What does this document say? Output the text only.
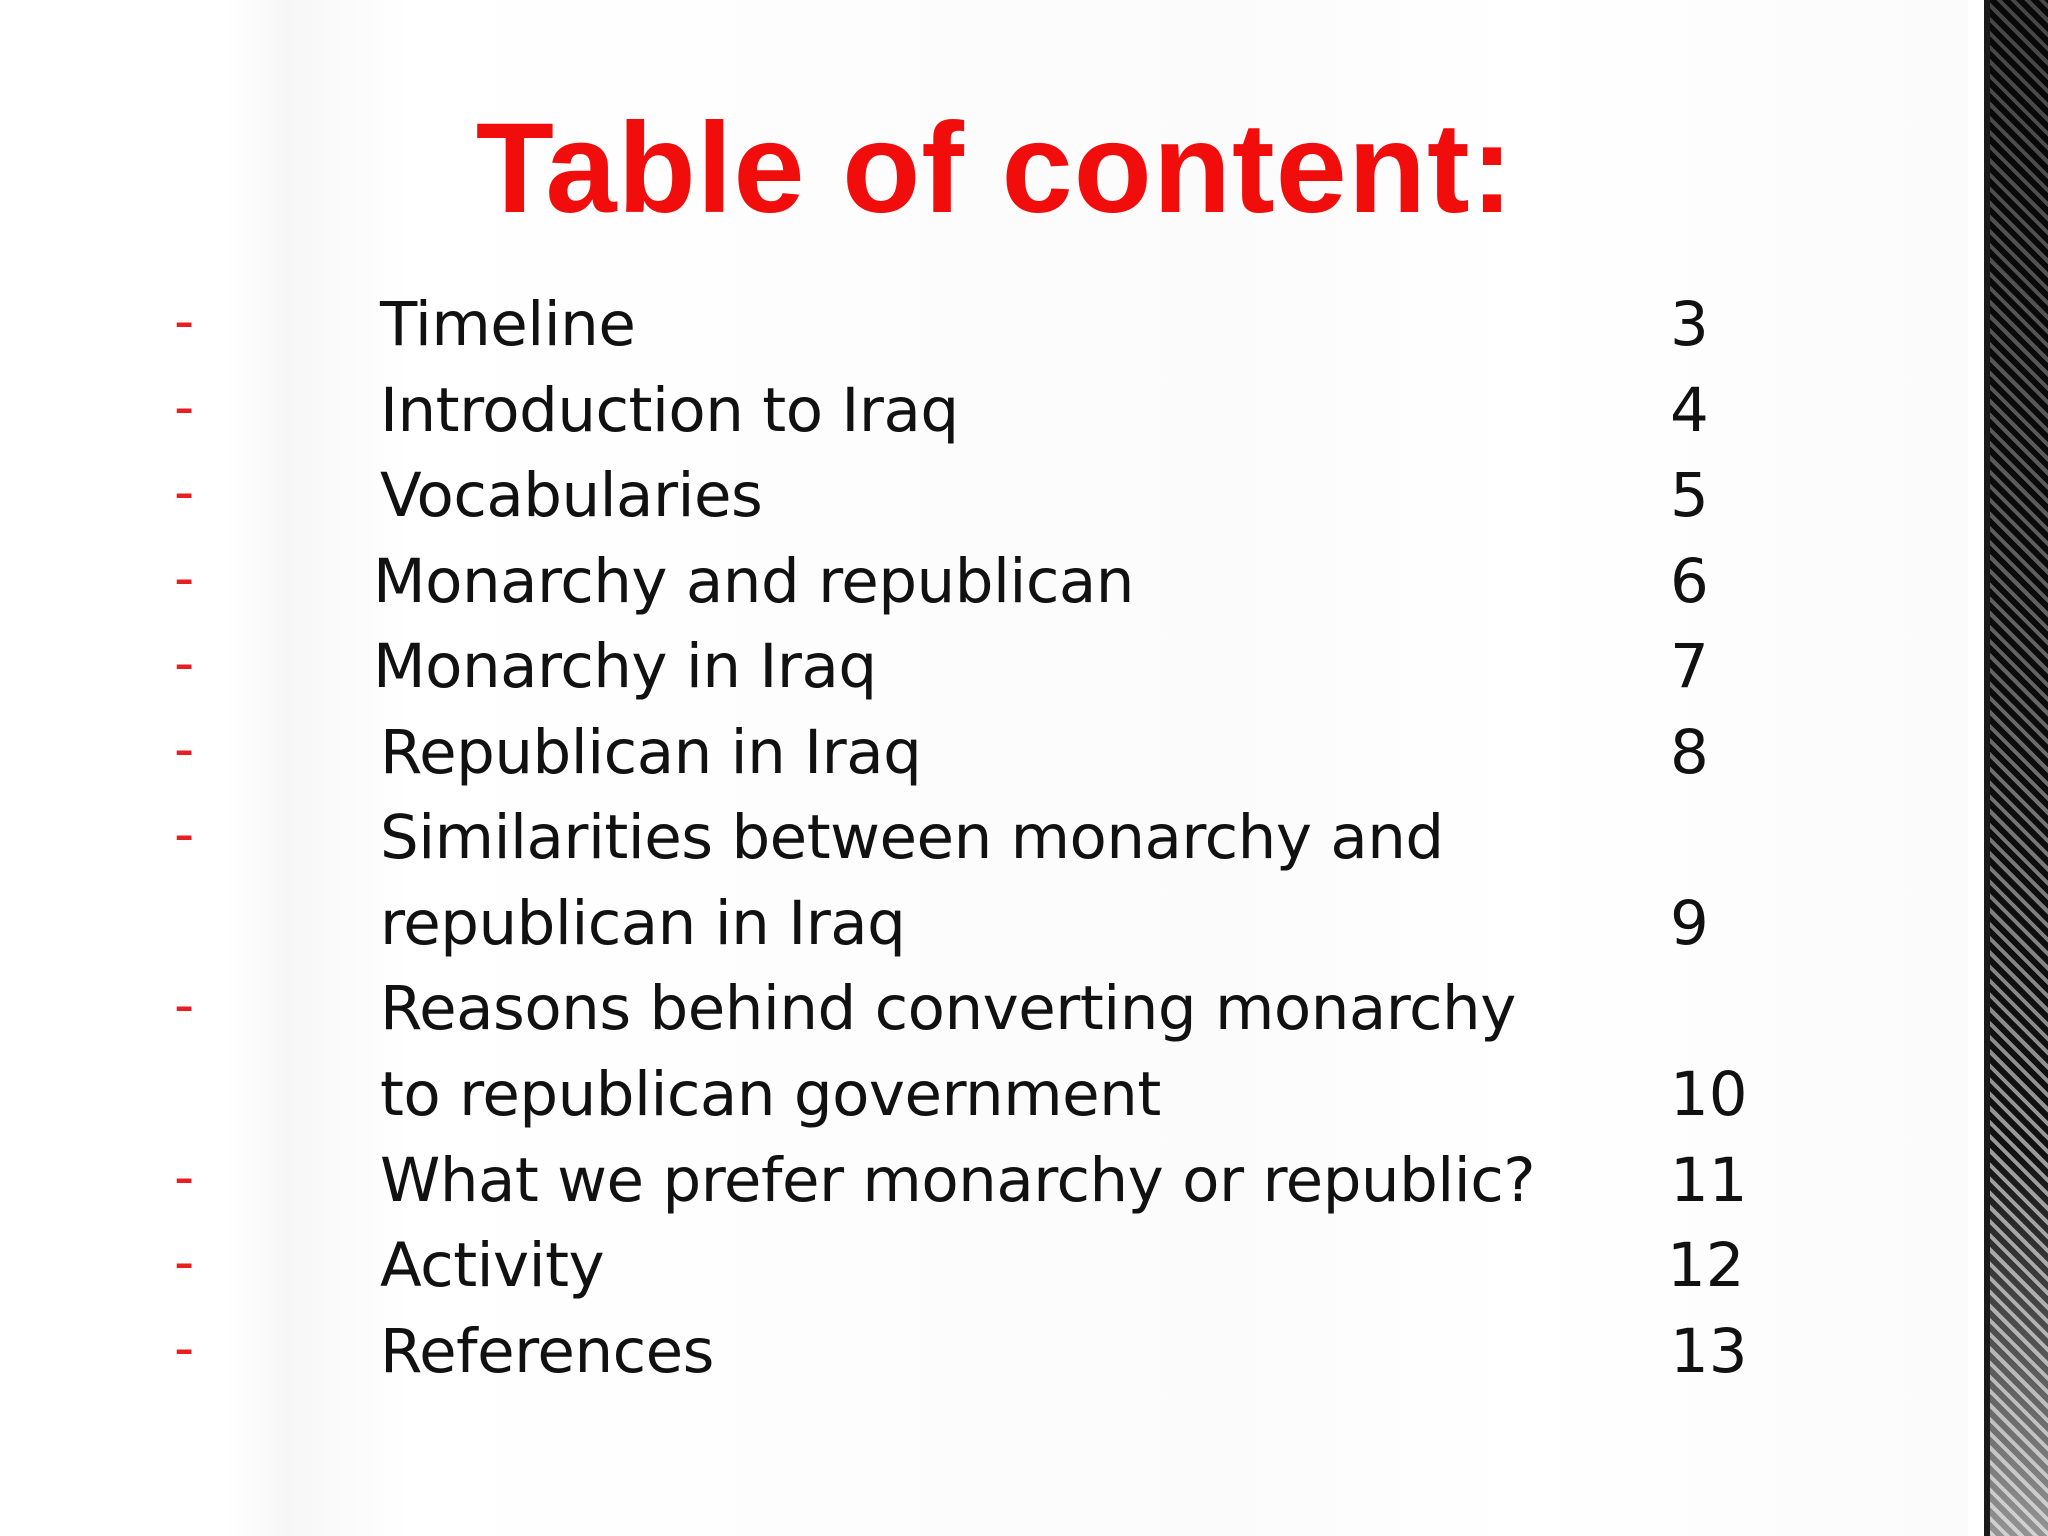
Table of content:
-	Timeline	3
-	Introduction to Iraq	4
-	Vocabularies	5
-	Monarchy and republican	6
-	Monarchy in Iraq	7
-	Republican in Iraq	8
-	Similarities between monarchy and
republican in Iraq	9
-	Reasons behind converting monarchy
to republican government	10
-	What we prefer monarchy or republic? 11
-	Activity	12
-	References	13
